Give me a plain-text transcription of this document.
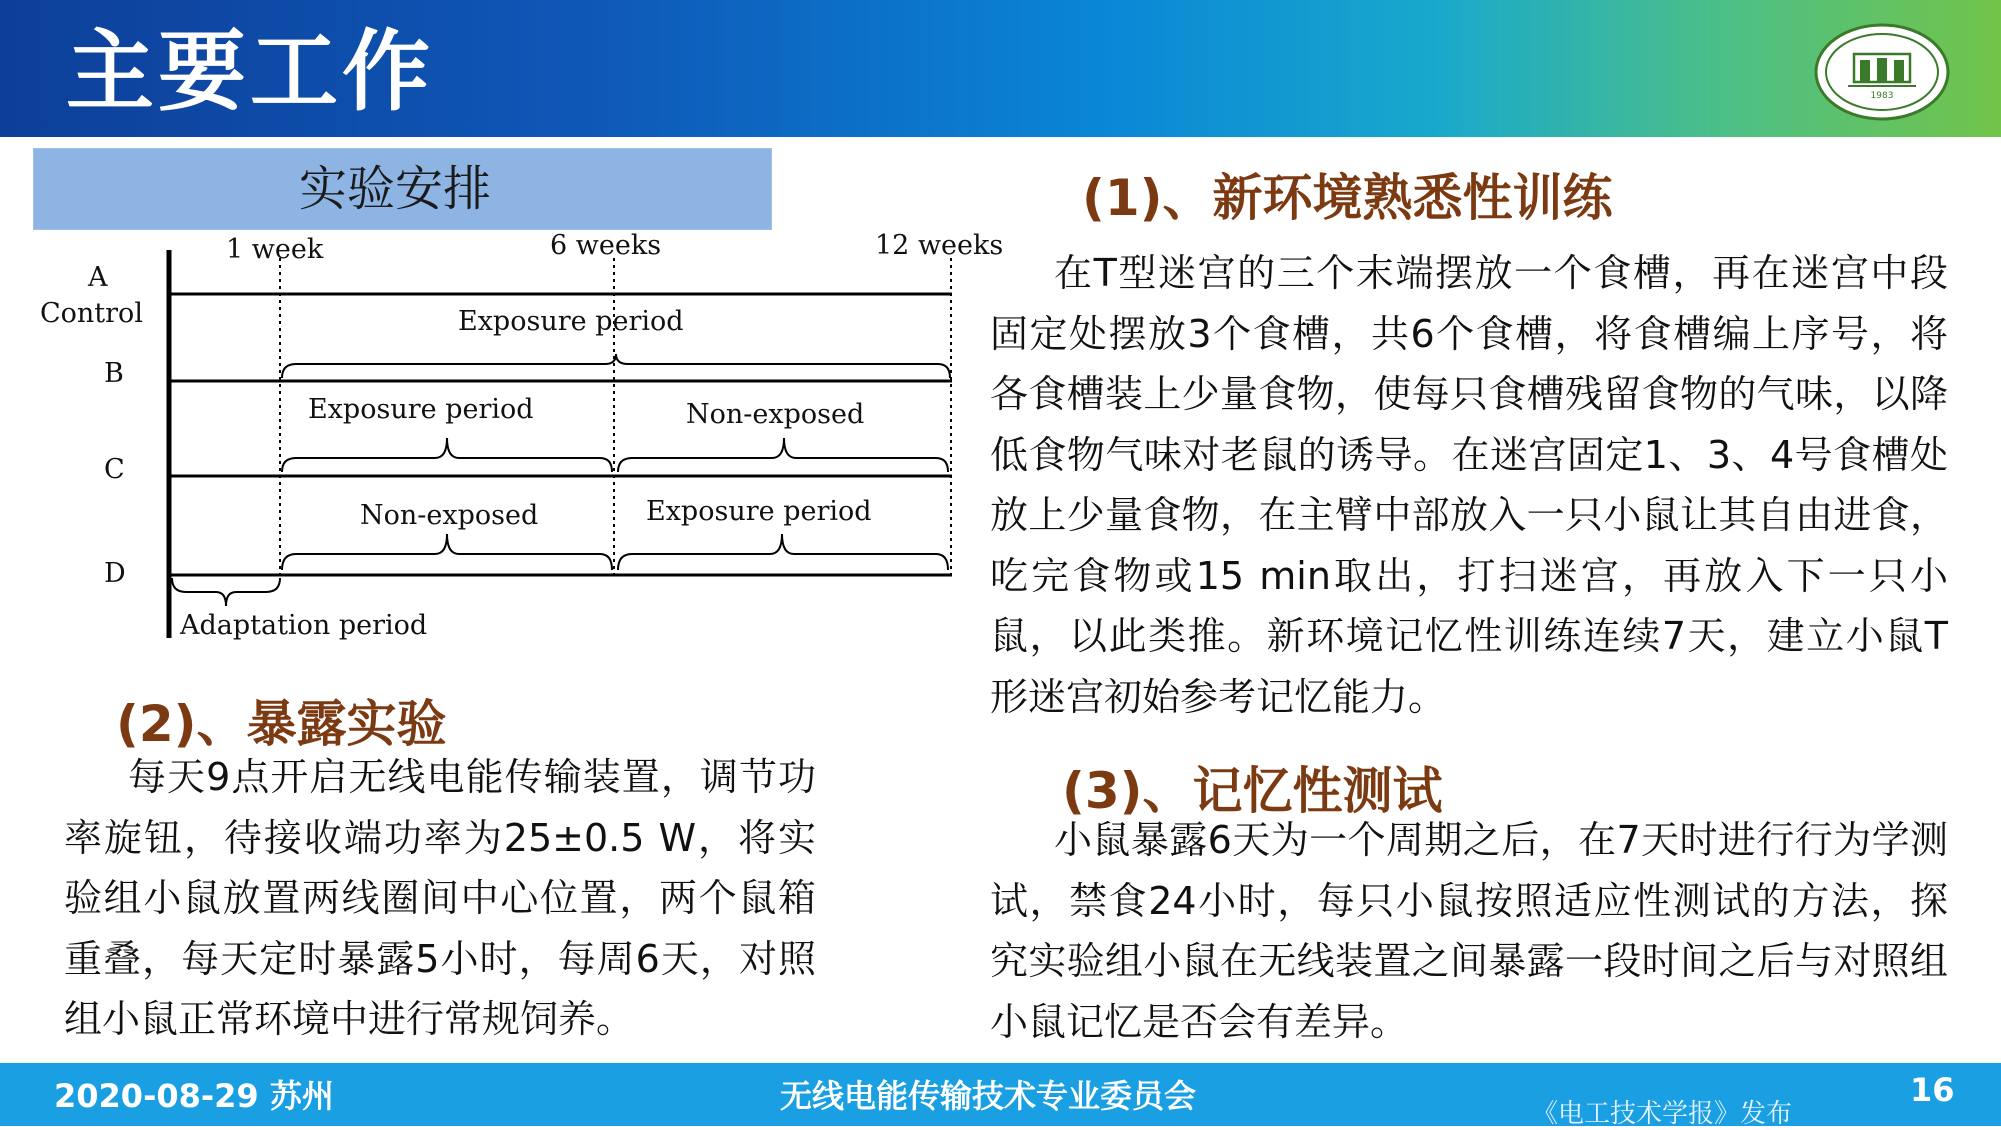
主要工作	1983
实验安排
1 week	6 weeks	12 weeks
A
Control
B
C
D
Exposure period
Exposure period	Non-exposed
Non-exposed	Exposure period
Adaptation period
(1)、新环境熟悉性训练

在T型迷宫的三个末端摆放一个食槽，再在迷宫中段固定处摆放3个食槽，共6个食槽，将食槽编上序号，将各食槽装上少量食物，使每只食槽残留食物的气味，以降低食物气味对老鼠的诱导。在迷宫固定1、3、4号食槽处放上少量食物，在主臂中部放入一只小鼠让其自由进食，吃完食物或15 min取出，打扫迷宫，再放入下一只小鼠，以此类推。新环境记忆性训练连续7天，建立小鼠T形迷宫初始参考记忆能力。

(2)、暴露实验

每天9点开启无线电能传输装置，调节功率旋钮，待接收端功率为25±0.5 W，将实验组小鼠放置两线圈间中心位置，两个鼠箱重叠，每天定时暴露5小时，每周6天，对照组小鼠正常环境中进行常规饲养。

(3)、记忆性测试

小鼠暴露6天为一个周期之后，在7天时进行行为学测试，禁食24小时，每只小鼠按照适应性测试的方法，探究实验组小鼠在无线装置之间暴露一段时间之后与对照组小鼠记忆是否会有差异。

2020-08-29 苏州	无线电能传输技术专业委员会	《电工技术学报》发布
16
